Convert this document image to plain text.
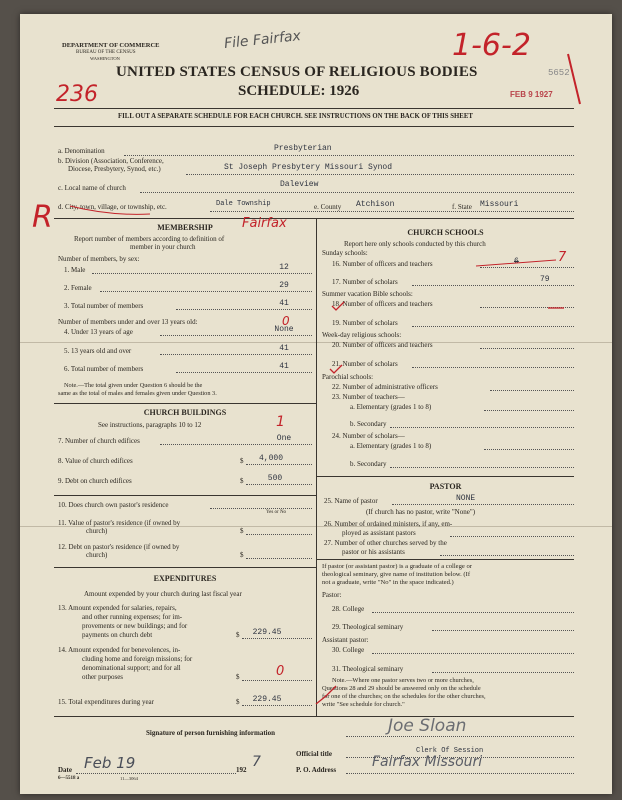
DEPARTMENT OF COMMERCE
BUREAU OF THE CENSUS
WASHINGTON
File Fairfax	1-6-2
5652
FEB 9 1927
UNITED STATES CENSUS OF RELIGIOUS BODIES
SCHEDULE: 1926
236
FILL OUT A SEPARATE SCHEDULE FOR EACH CHURCH. SEE INSTRUCTIONS ON THE BACK OF THIS SHEET
a. Denomination	Presbyterian
b. Division (Association, Conference,
Diocese, Presbytery, Synod, etc.)	St Joseph Presbytery Missouri Synod
c. Local name of church	Daleview
d. City, town, village, or township, etc.	Dale Township	e. County Atchison	f. State Missouri
R	MEMBERSHIP	Fairfax
Report number of members according to definition of
member in your church
Number of members, by sex:
1. Male	12
2. Female	29
3. Total number of members	41
Number of members under and over 13 years old:
4. Under 13 years of age	None
0
5. 13 years old and over	41
6. Total number of members	41
Note.—The total given under Question 6 should be the
same as the total of males and females given under Question 3.
CHURCH BUILDINGS
See instructions, paragraphs 10 to 12	1
7. Number of church edifices	One
8. Value of church edifices	$	4,000
9. Debt on church edifices	$	500
10. Does church own pastor's residence
Yes or No
11. Value of pastor's residence (if owned by
church)	$
12. Debt on pastor's residence (if owned by
church)	$
EXPENDITURES
Amount expended by your church during last fiscal year
13. Amount expended for salaries, repairs,
and other running expenses; for im-
provements or new buildings; and for
payments on church debt	$	229.45
14. Amount expended for benevolences, in-
cluding home and foreign missions; for
denominational support; and for all
other purposes	$	0
15. Total expenditures during year	$	229.45
CHURCH SCHOOLS
Report here only schools conducted by this church
Sunday schools:
16. Number of officers and teachers	6	7
17. Number of scholars	79
Summer vacation Bible schools:
18. Number of officers and teachers
19. Number of scholars
Week-day religious schools:
20. Number of officers and teachers
21. Number of scholars
Parochial schools:
22. Number of administrative officers
23. Number of teachers—
a. Elementary (grades 1 to 8)
b. Secondary
24. Number of scholars—
a. Elementary (grades 1 to 8)
b. Secondary
PASTOR
25. Name of pastor	NONE
(If church has no pastor, write "None")
26. Number of ordained ministers, if any, em-
ployed as assistant pastors
27. Number of other churches served by the
pastor or his assistants
If pastor (or assistant pastor) is a graduate of a college or
theological seminary, give name of institution below. (If
not a graduate, write "No" in the space indicated.)
Pastor:
28. College
29. Theological seminary
Assistant pastor:
30. College
31. Theological seminary
Note.—Where one pastor serves two or more churches,
Questions 28 and 29 should be answered only on the schedule
for one of the churches; on the schedules for the other churches,
write "See schedule for church."
Signature of person furnishing information	Joe Sloan
Official title	Clerk Of Session
Date Feb 19	192 7	P. O. Address	Fairfax Missouri
6—5518 a	11—3064
